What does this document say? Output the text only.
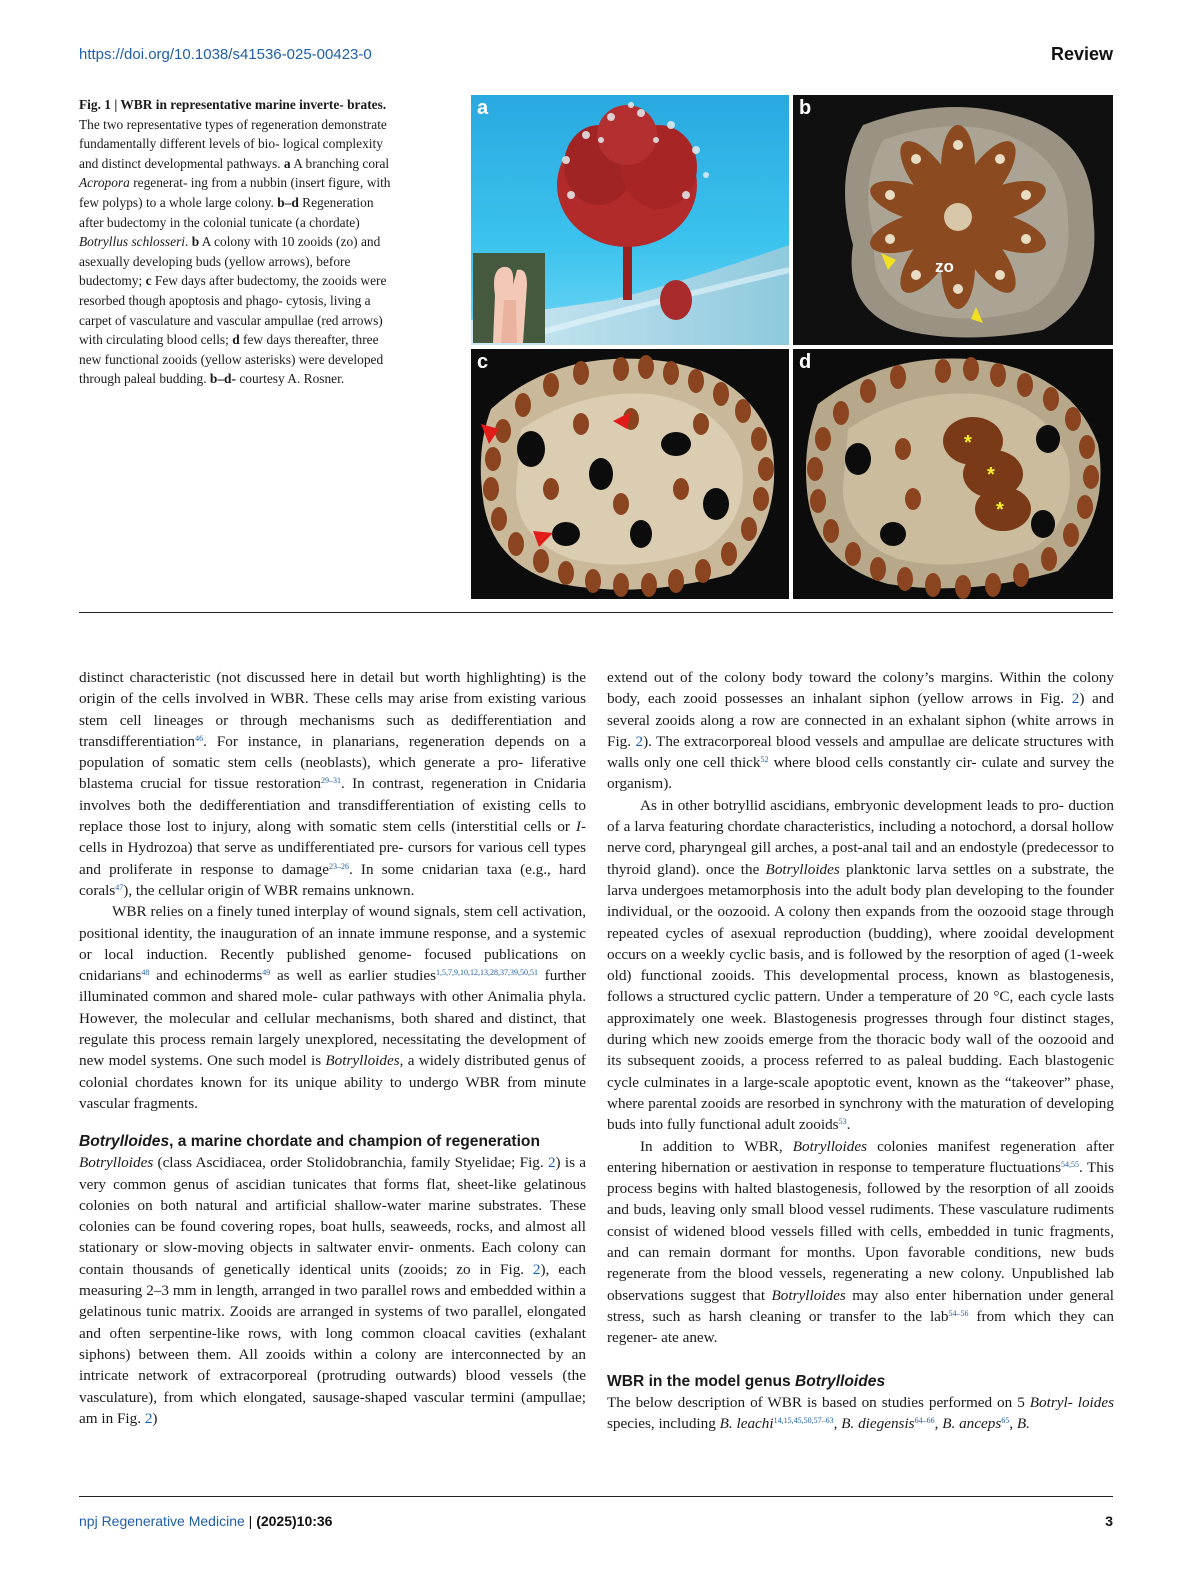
https://doi.org/10.1038/s41536-025-00423-0	Review
Fig. 1 | WBR in representative marine inverte- brates. The two representative types of regeneration demonstrate fundamentally different levels of bio- logical complexity and distinct developmental pathways. a A branching coral Acropora regenerat- ing from a nubbin (insert figure, with few polyps) to a whole large colony. b–d Regeneration after budectomy in the colonial tunicate (a chordate) Botryllus schlosseri. b A colony with 10 zooids (zo) and asexually developing buds (yellow arrows), before budectomy; c Few days after budectomy, the zooids were resorbed though apoptosis and phago- cytosis, living a carpet of vasculature and vascular ampullae (red arrows) with circulating blood cells; d few days thereafter, three new functional zooids (yellow asterisks) were developed through paleal budding. b–d- courtesy A. Rosner.
a	b
zo
c
*
*
*
d

distinct characteristic (not discussed here in detail but worth highlighting) is the origin of the cells involved in WBR. These cells may arise from existing various stem cell lineages or through mechanisms such as dedifferentiation and transdifferentiation$^{46}$. For instance, in planarians, regeneration depends on a population of somatic stem cells (neoblasts), which generate a pro- liferative blastema crucial for tissue restoration$^{29-31}$. In contrast, regeneration in Cnidaria involves both the dedifferentiation and transdifferentiation of existing cells to replace those lost to injury, along with somatic stem cells (interstitial cells or I-cells in Hydrozoa) that serve as undifferentiated pre- cursors for various cell types and proliferate in response to damage$^{23-26}$. In some cnidarian taxa (e.g., hard corals$^{47}$), the cellular origin of WBR remains unknown.

WBR relies on a finely tuned interplay of wound signals, stem cell activation, positional identity, the inauguration of an innate immune response, and a systemic or local induction. Recently published genome- focused publications on cnidarians$^{48}$ and echinoderms$^{49}$ as well as earlier studies$^{1,5,7,9,10,12,13,28,37,39,50,51}$ further illuminated common and shared mole- cular pathways with other Animalia phyla. However, the molecular and cellular mechanisms, both shared and distinct, that regulate this process remain largely unexplored, necessitating the development of new model systems. One such model is Botrylloides, a widely distributed genus of colonial chordates known for its unique ability to undergo WBR from minute vascular fragments.

Botrylloides, a marine chordate and champion of regeneration

Botrylloides (class Ascidiacea, order Stolidobranchia, family Styelidae; Fig. 2) is a very common genus of ascidian tunicates that forms flat, sheet-like gelatinous colonies on both natural and artificial shallow-water marine substrates. These colonies can be found covering ropes, boat hulls, seaweeds, rocks, and almost all stationary or slow-moving objects in saltwater envir- onments. Each colony can contain thousands of genetically identical units (zooids; zo in Fig. 2), each measuring 2–3 mm in length, arranged in two parallel rows and embedded within a gelatinous tunic matrix. Zooids are arranged in systems of two parallel, elongated and often serpentine-like rows, with long common cloacal cavities (exhalant siphons) between them. All zooids within a colony are interconnected by an intricate network of extracorporeal (protruding outwards) blood vessels (the vasculature), from which elongated, sausage-shaped vascular termini (ampullae; am in Fig. 2)

extend out of the colony body toward the colony’s margins. Within the colony body, each zooid possesses an inhalant siphon (yellow arrows in Fig. 2) and several zooids along a row are connected in an exhalant siphon (white arrows in Fig. 2). The extracorporeal blood vessels and ampullae are delicate structures with walls only one cell thick$^{52}$ where blood cells constantly cir- culate and survey the organism).

As in other botryllid ascidians, embryonic development leads to pro- duction of a larva featuring chordate characteristics, including a notochord, a dorsal hollow nerve cord, pharyngeal gill arches, a post-anal tail and an endostyle (predecessor to thyroid gland). once the Botrylloides planktonic larva settles on a substrate, the larva undergoes metamorphosis into the adult body plan developing to the founder individual, or the oozooid. A colony then expands from the oozooid stage through repeated cycles of asexual reproduction (budding), where zooidal development occurs on a weekly cyclic basis, and is followed by the resorption of aged (1-week old) functional zooids. This developmental process, known as blastogenesis, follows a structured cyclic pattern. Under a temperature of 20 °C, each cycle lasts approximately one week. Blastogenesis progresses through four distinct stages, during which new zooids emerge from the thoracic body wall of the oozooid and its subsequent zooids, a process referred to as paleal budding. Each blastogenic cycle culminates in a large-scale apoptotic event, known as the “takeover” phase, where parental zooids are resorbed in synchrony with the maturation of developing buds into fully functional adult zooids$^{53}$.

In addition to WBR, Botrylloides colonies manifest regeneration after entering hibernation or aestivation in response to temperature fluctuations$^{54,55}$. This process begins with halted blastogenesis, followed by the resorption of all zooids and buds, leaving only small blood vessel rudiments. These vasculature rudiments consist of widened blood vessels filled with cells, embedded in tunic fragments, and can remain dormant for months. Upon favorable conditions, new buds regenerate from the blood vessels, regenerating a new colony. Unpublished lab observations suggest that Botrylloides may also enter hibernation under general stress, such as harsh cleaning or transfer to the lab$^{54-56}$ from which they can regener- ate anew.

WBR in the model genus Botrylloides

The below description of WBR is based on studies performed on 5 Botryl- loides species, including B. leachi$^{14,15,45,50,57-63}$, B. diegensis$^{64-66}$, B. anceps$^{65}$, B.

npj Regenerative Medicine | (2025)10:36	3
